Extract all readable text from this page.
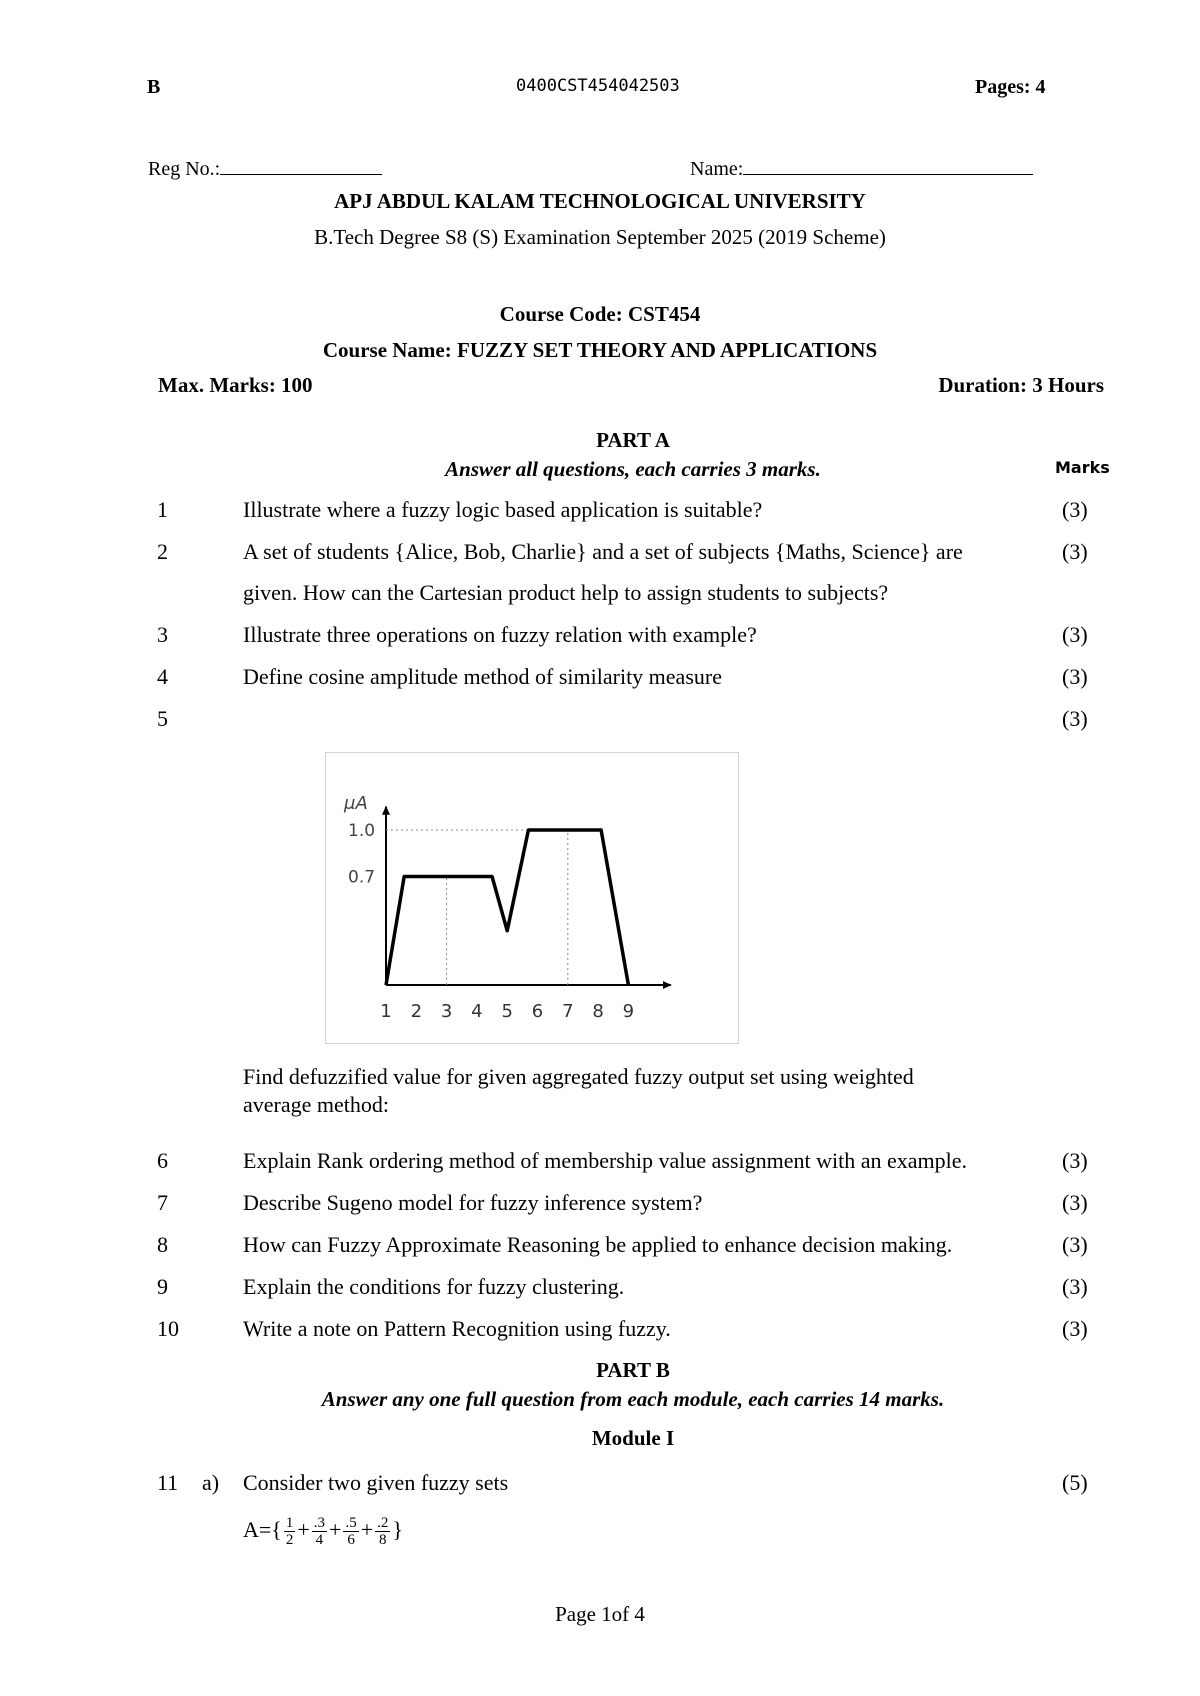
B	0400CST454042503	Pages: 4
Reg No.:	Name:
APJ ABDUL KALAM TECHNOLOGICAL UNIVERSITY
B.Tech Degree S8 (S) Examination September 2025 (2019 Scheme)
Course Code: CST454
Course Name: FUZZY SET THEORY AND APPLICATIONS
Max. Marks: 100	Duration: 3 Hours
PART A
Answer all questions, each carries 3 marks.	Marks
1	Illustrate where a fuzzy logic based application is suitable?	(3)
2	A set of students {Alice, Bob, Charlie} and a set of subjects {Maths, Science} are
given. How can the Cartesian product help to assign students to subjects?
(3)
3	Illustrate three operations on fuzzy relation with example?	(3)
4	Define cosine amplitude method of similarity measure	(3)
5	(3)
μA
0.7
1.0
1 2 3 4 5 6 7 8 9
Find defuzzified value for given aggregated fuzzy output set using weighted
average method:
6	Explain Rank ordering method of membership value assignment with an example.	(3)
7	Describe Sugeno model for fuzzy inference system?	(3)
8	How can Fuzzy Approximate Reasoning be applied to enhance decision making.	(3)
9	Explain the conditions for fuzzy clustering.	(3)
10	Write a note on Pattern Recognition using fuzzy.	(3)
PART B
Answer any one full question from each module, each carries 14 marks.
Module I
11 a) Consider two given fuzzy sets	(5)
$A=\{ \frac{1}{2} + \frac{.3}{4} + \frac{.5}{6} + \frac{.2}{8}$ }
Page 1of 4
